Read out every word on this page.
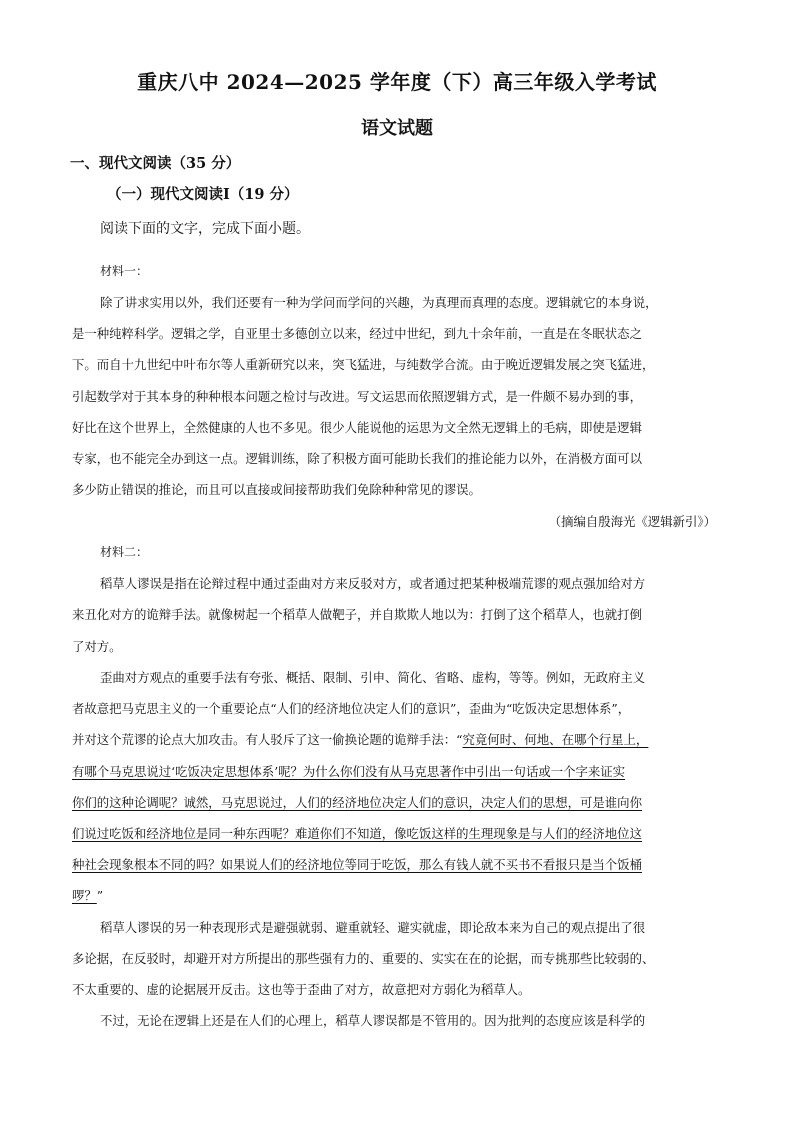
重庆八中 2024—2025 学年度（下）高三年级入学考试
语文试题
一、现代文阅读（35 分）
（一）现代文阅读Ⅰ（19 分）
阅读下面的文字，完成下面小题。
材料一：
除了讲求实用以外，我们还要有一种为学问而学问的兴趣，为真理而真理的态度。逻辑就它的本身说，
是一种纯粹科学。逻辑之学，自亚里士多德创立以来，经过中世纪，到九十余年前，一直是在冬眠状态之
下。而自十九世纪中叶布尔等人重新研究以来，突飞猛进，与纯数学合流。由于晚近逻辑发展之突飞猛进，
引起数学对于其本身的种种根本问题之检讨与改进。写文运思而依照逻辑方式，是一件颇不易办到的事，
好比在这个世界上，全然健康的人也不多见。很少人能说他的运思为文全然无逻辑上的毛病，即使是逻辑
专家，也不能完全办到这一点。逻辑训练，除了积极方面可能助长我们的推论能力以外，在消极方面可以
多少防止错误的推论，而且可以直接或间接帮助我们免除种种常见的谬误。
（摘编自殷海光《逻辑新引》）
材料二：
稻草人谬误是指在论辩过程中通过歪曲对方来反驳对方，或者通过把某种极端荒谬的观点强加给对方
来丑化对方的诡辩手法。就像树起一个稻草人做靶子，并自欺欺人地以为：打倒了这个稻草人，也就打倒
了对方。
歪曲对方观点的重要手法有夸张、概括、限制、引申、简化、省略、虚构，等等。例如，无政府主义
者故意把马克思主义的一个重要论点“人们的经济地位决定人们的意识”，歪曲为“吃饭决定思想体系”，
并对这个荒谬的论点大加攻击。有人驳斥了这一偷换论题的诡辩手法：“究竟何时、何地、在哪个行星上，
有哪个马克思说过‘吃饭决定思想体系’呢？为什么你们没有从马克思著作中引出一句话或一个字来证实
你们的这种论调呢？诚然，马克思说过，人们的经济地位决定人们的意识，决定人们的思想，可是谁向你
们说过吃饭和经济地位是同一种东西呢？难道你们不知道，像吃饭这样的生理现象是与人们的经济地位这
种社会现象根本不同的吗？如果说人们的经济地位等同于吃饭，那么有钱人就不买书不看报只是当个饭桶
啰？”
稻草人谬误的另一种表现形式是避强就弱、避重就轻、避实就虚，即论敌本来为自己的观点提出了很
多论据，在反驳时，却避开对方所提出的那些强有力的、重要的、实实在在的论据，而专挑那些比较弱的、
不太重要的、虚的论据展开反击。这也等于歪曲了对方，故意把对方弱化为稻草人。
不过，无论在逻辑上还是在人们的心理上，稻草人谬误都是不管用的。因为批判的态度应该是科学的
